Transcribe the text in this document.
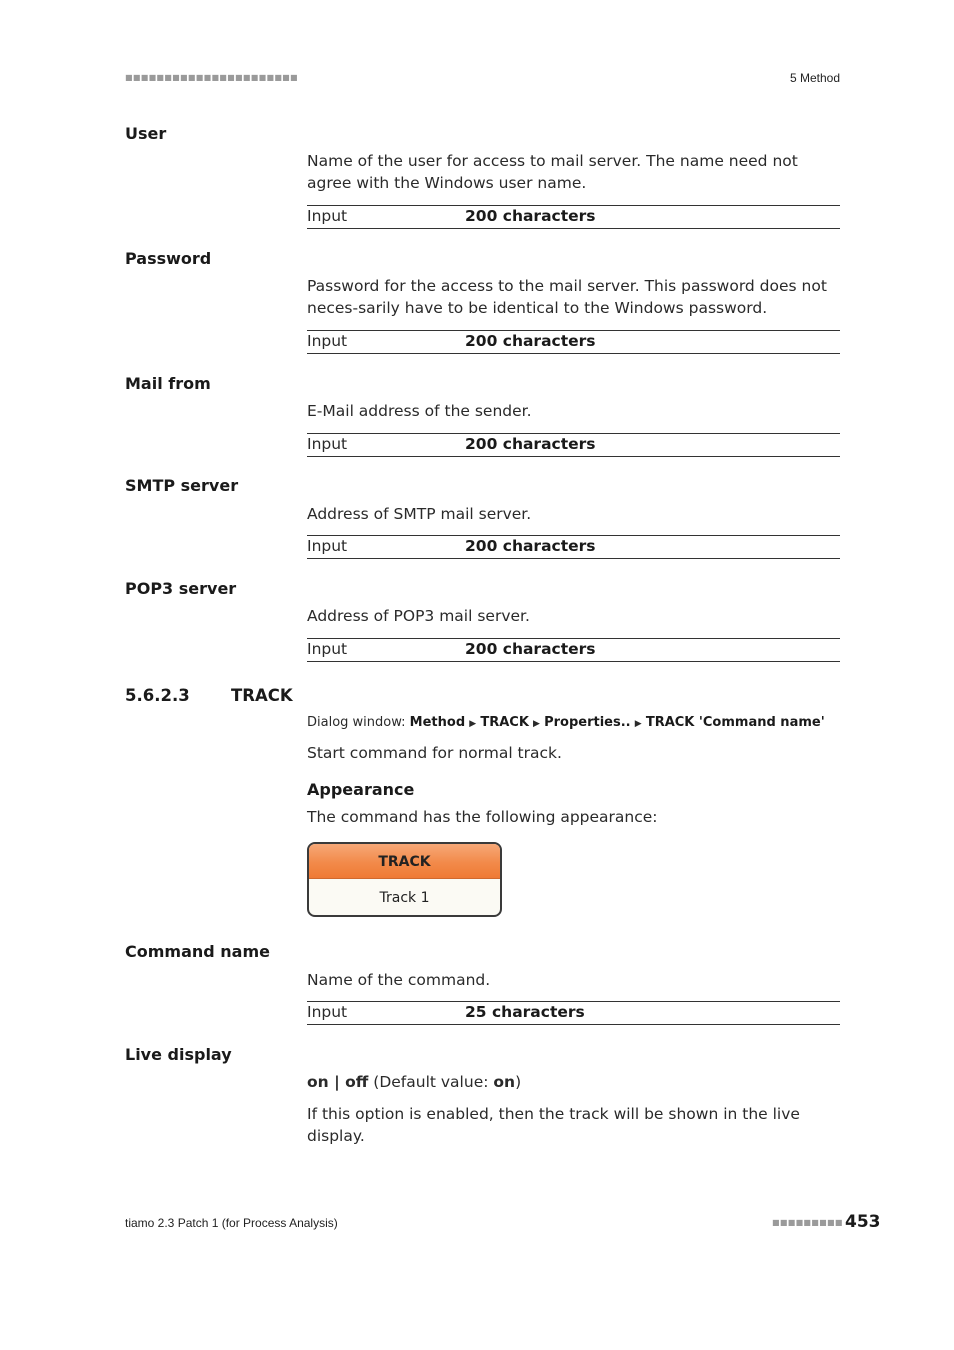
■■■■■■■■■■■■■■■■■■■■■■	5 Method
User
Name of the user for access to mail server. The name need not agree with the Windows user name.
Input	200 characters
Password
Password for the access to the mail server. This password does not neces-sarily have to be identical to the Windows password.
Input	200 characters
Mail from
E-Mail address of the sender.
Input	200 characters
SMTP server
Address of SMTP mail server.
Input	200 characters
POP3 server
Address of POP3 mail server.
Input	200 characters
5.6.2.3	TRACK
Dialog window: Method ▶ TRACK ▶ Properties.. ▶ TRACK 'Command name'
Start command for normal track.
Appearance
The command has the following appearance:
TRACK
Track 1
Command name
Name of the command.
Input	25 characters
Live display
on | off (Default value: on)
If this option is enabled, then the track will be shown in the live display.
tiamo 2.3 Patch 1 (for Process Analysis)	■■■■■■■■■ 453
